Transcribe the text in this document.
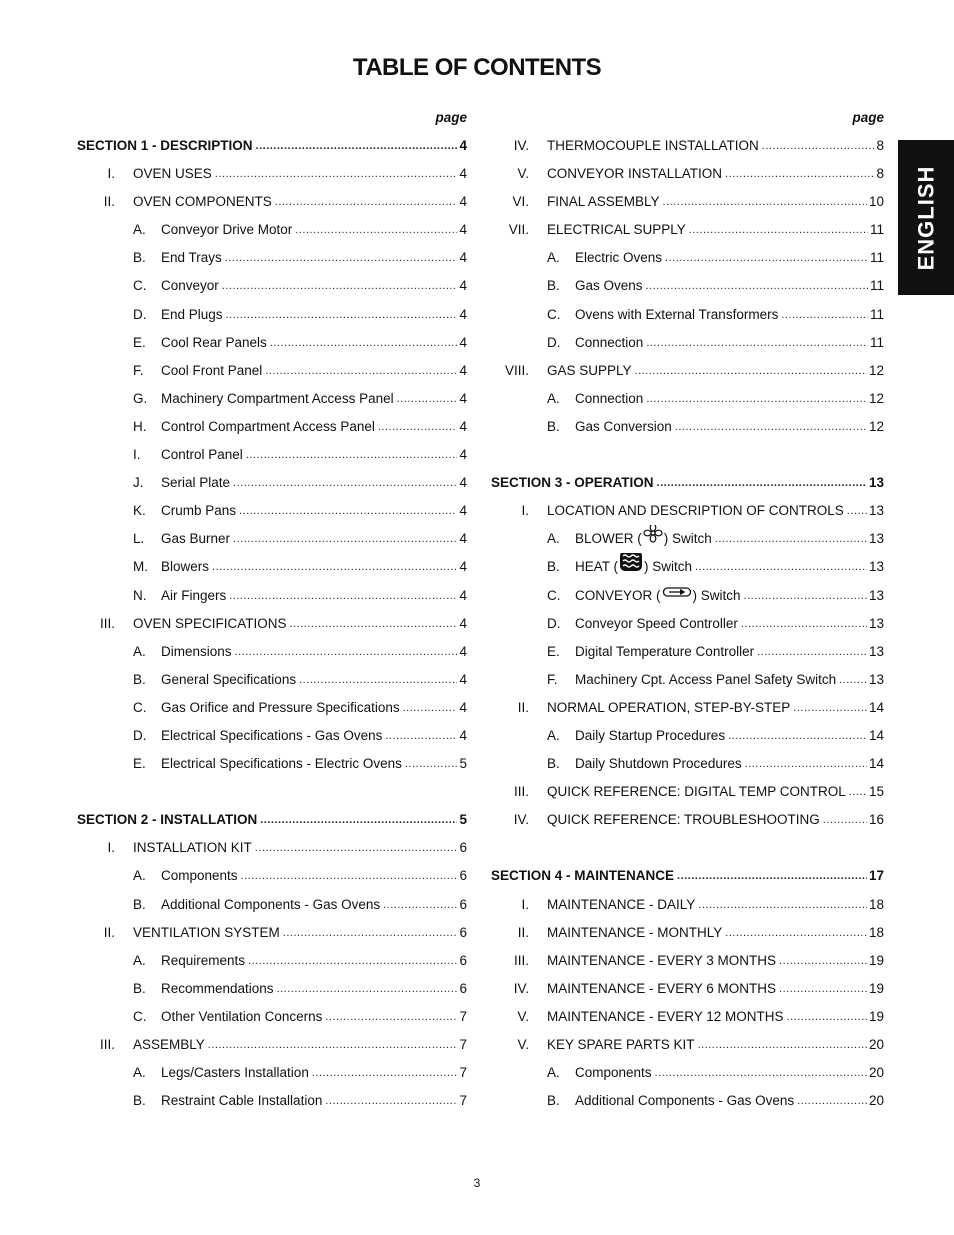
TABLE OF CONTENTS
page
SECTION 1 - DESCRIPTION .....	4
I. OVEN USES .....	4
II. OVEN COMPONENTS .....	4
A. Conveyor Drive Motor .....	4
B. End Trays .....	4
C. Conveyor .....	4
D. End Plugs .....	4
E. Cool Rear Panels .....	4
F. Cool Front Panel .....	4
G. Machinery Compartment Access Panel .....	4
H. Control Compartment Access Panel .....	4
I. Control Panel .....	4
J. Serial Plate .....	4
K. Crumb Pans .....	4
L. Gas Burner .....	4
M. Blowers .....	4
N. Air Fingers .....	4
III. OVEN SPECIFICATIONS .....	4
A. Dimensions .....	4
B. General Specifications .....	4
C. Gas Orifice and Pressure Specifications .....	4
D. Electrical Specifications - Gas Ovens .....	4
E. Electrical Specifications - Electric Ovens .....	5
SECTION 2 - INSTALLATION .....	5
I. INSTALLATION KIT .....	6
A. Components .....	6
B. Additional Components - Gas Ovens .....	6
II. VENTILATION SYSTEM .....	6
A. Requirements .....	6
B. Recommendations .....	6
C. Other Ventilation Concerns .....	7
III. ASSEMBLY .....	7
A. Legs/Casters Installation .....	7
B. Restraint Cable Installation .....	7
page
IV. THERMOCOUPLE INSTALLATION .....	8
V. CONVEYOR INSTALLATION .....	8
VI. FINAL ASSEMBLY .....	10
VII. ELECTRICAL SUPPLY .....	11
A. Electric Ovens .....	11
B. Gas Ovens .....	11
C. Ovens with External Transformers .....	11
D. Connection .....	11
VIII. GAS SUPPLY .....	12
A. Connection .....	12
B. Gas Conversion .....	12
SECTION 3 - OPERATION .....	13
I. LOCATION AND DESCRIPTION OF CONTROLS ..... 13
A. BLOWER ( ) Switch .....	13
B. HEAT ( ) Switch .....	13
C. CONVEYOR ( ) Switch .....	13
D. Conveyor Speed Controller .....	13
E. Digital Temperature Controller .....	13
F. Machinery Cpt. Access Panel Safety Switch ..... 13
II. NORMAL OPERATION, STEP-BY-STEP .....	14
A. Daily Startup Procedures .....	14
B. Daily Shutdown Procedures .....	14
III. QUICK REFERENCE: DIGITAL TEMP CONTROL ..... 15
IV. QUICK REFERENCE: TROUBLESHOOTING .....	16
SECTION 4 - MAINTENANCE .....	17
I. MAINTENANCE - DAILY .....	18
II. MAINTENANCE - MONTHLY .....	18
III. MAINTENANCE - EVERY 3 MONTHS .....	19
IV. MAINTENANCE - EVERY 6 MONTHS .....	19
V. MAINTENANCE - EVERY 12 MONTHS .....	19
V. KEY SPARE PARTS KIT .....	20
A. Components .....	20
B. Additional Components - Gas Ovens .....	20
ENGLISH
3
